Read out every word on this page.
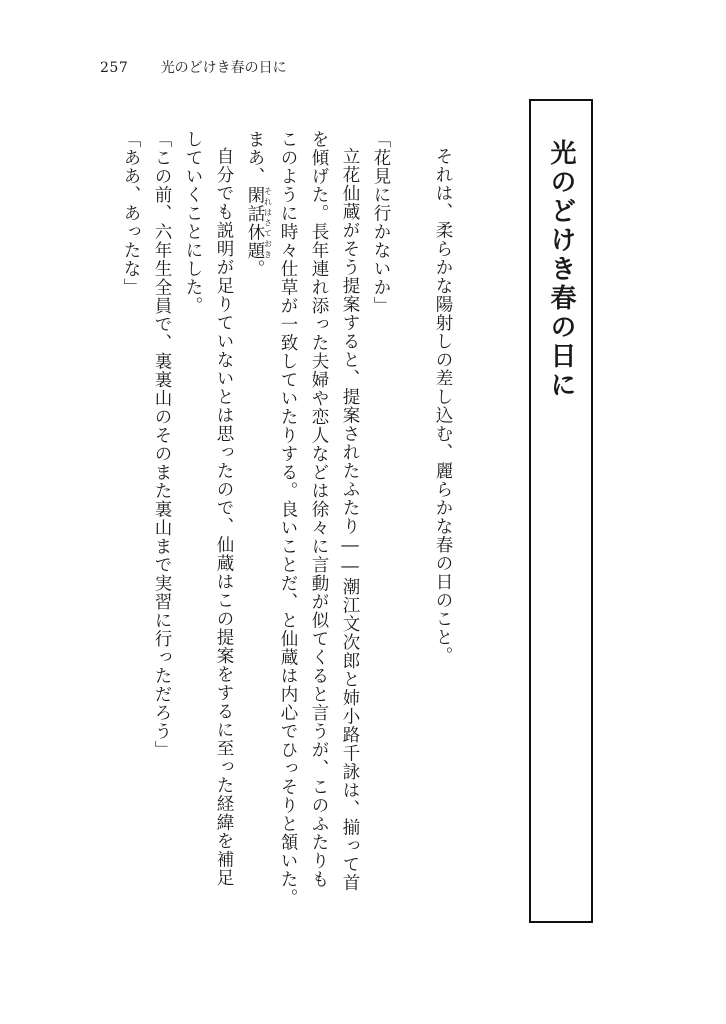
257 光のどけき春の日に
光のどけき春の日に

それは、柔らかな陽射しの差し込む、麗らかな春の日のこと。

「花見に行かないか」

立花仙蔵がそう提案すると、提案されたふたり――潮江文次郎と姉小路千詠は、揃って首

を傾げた。長年連れ添った夫婦や恋人などは徐々に言動が似てくると言うが、このふたりも

このように時々仕草が一致していたりする。良いことだ、と仙蔵は内心でひっそりと頷いた。

まあ、閑話休題それはさておき。

自分でも説明が足りていないとは思ったので、仙蔵はこの提案をするに至った経緯を補足

していくことにした。

「この前、六年生全員で、裏裏山のそのまた裏山まで実習に行っただろう」

「ああ、あったな」
